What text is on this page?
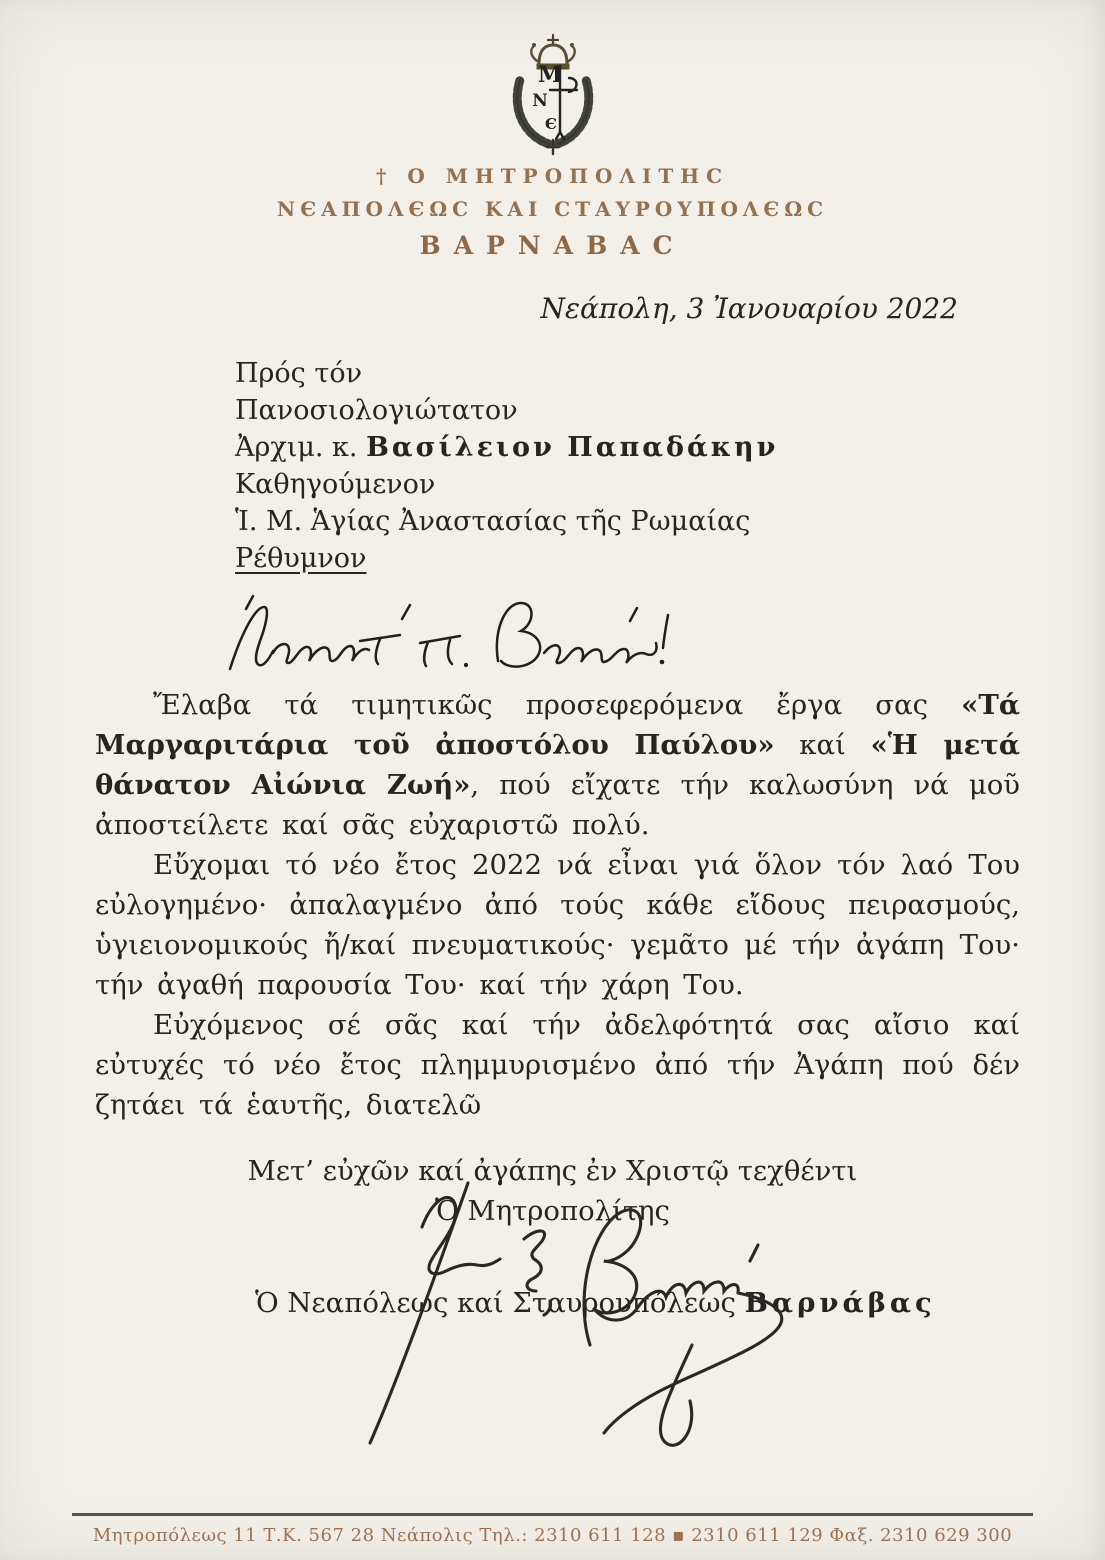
M
N
Є
† Ο ΜΗΤΡΟΠΟΛΙΤΗC
ΝЄΑΠΟΛЄΩC ΚΑΙ CΤΑΥΡΟΥΠΟΛЄΩC
ΒΑΡΝΑΒΑC
Νεάπολη, 3 Ἰανουαρίου 2022
Πρός τόν
Πανοσιολογιώτατον
Ἀρχιμ. κ. Βασίλειον Παπαδάκην
Καθηγούμενον
Ἱ. Μ. Ἁγίας Ἀναστασίας τῆς Ρωμαίας
Ρέθυμνον

Ἔλαβα τά τιμητικῶς προσεφερόμενα ἔργα σας «Τά Μαργαριτάρια τοῦ ἀποστόλου Παύλου» καί «Ἡ μετά θάνατον Αἰώνια Ζωή», πού εἴχατε τήν καλωσύνη νά μοῦ ἀποστείλετε καί σᾶς εὐχαριστῶ πολύ.

Εὔχομαι τό νέο ἔτος 2022 νά εἶναι γιά ὅλον τόν λαό Του εὐλογημένο· ἀπαλαγμένο ἀπό τούς κάθε εἴδους πειρασμούς, ὑγιειονομικούς ἤ/καί πνευματικούς· γεμᾶτο μέ τήν ἀγάπη Του· τήν ἀγαθή παρουσία Του· καί τήν χάρη Του.

Εὐχόμενος σέ σᾶς καί τήν ἀδελφότητά σας αἴσιο καί εὐτυχές τό νέο ἔτος πλημμυρισμένο ἀπό τήν Ἀγάπη πού δέν ζητάει τά ἑαυτῆς, διατελῶ

Μετ’ εὐχῶν καί ἀγάπης ἐν Χριστῷ τεχθέντι
Ὁ Μητροπολίτης
Ὁ Νεαπόλεως καί Σταυρουπόλεως Βαρνάβας
Μητροπόλεως 11 Τ.Κ. 567 28 Νεάπολις Τηλ.: 2310 611 128 ▪ 2310 611 129 Φαξ. 2310 629 300
